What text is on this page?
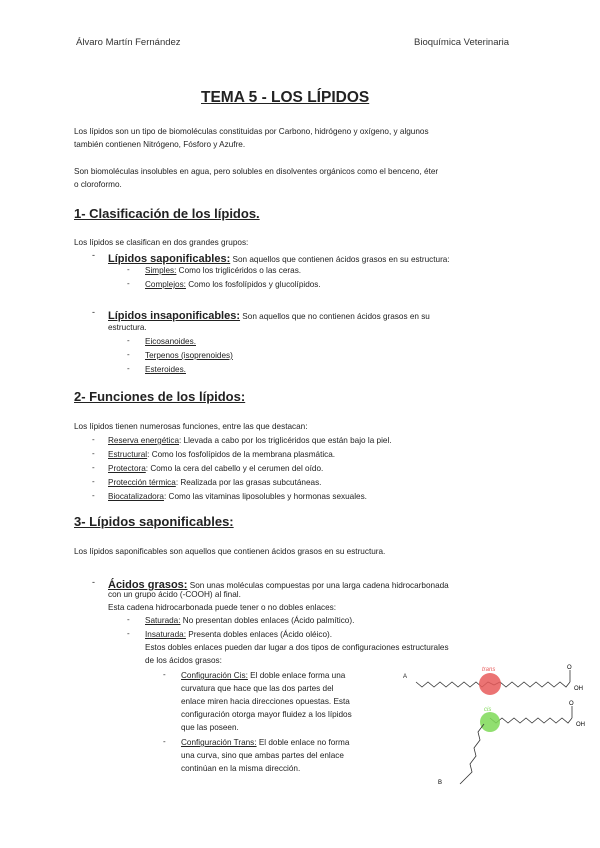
Álvaro Martín Fernández	Bioquímica Veterinaria
TEMA 5 - LOS LÍPIDOS
Los lípidos son un tipo de biomoléculas constituidas por Carbono, hidrógeno y oxígeno, y algunos
también contienen Nitrógeno, Fósforo y Azufre.
Son biomoléculas insolubles en agua, pero solubles en disolventes orgánicos como el benceno, éter
o cloroformo.
1- Clasificación de los lípidos.
Los lípidos se clasifican en dos grandes grupos:
- Lípidos saponificables: Son aquellos que contienen ácidos grasos en su estructura:
- Simples: Como los triglicéridos o las ceras.
- Complejos: Como los fosfolípidos y glucolípidos.
- Lípidos insaponificables: Son aquellos que no contienen ácidos grasos en su
estructura.
- Eicosanoides.
- Terpenos (isoprenoides)
- Esteroides.
2- Funciones de los lípidos:
Los lípidos tienen numerosas funciones, entre las que destacan:
- Reserva energética: Llevada a cabo por los triglicéridos que están bajo la piel.
- Estructural: Como los fosfolípidos de la membrana plasmática.
- Protectora: Como la cera del cabello y el cerumen del oído.
- Protección térmica: Realizada por las grasas subcutáneas.
- Biocatalizadora: Como las vitaminas liposolubles y hormonas sexuales.
3- Lípidos saponificables:
Los lípidos saponificables son aquellos que contienen ácidos grasos en su estructura.
- Ácidos grasos: Son unas moléculas compuestas por una larga cadena hidrocarbonada
con un grupo ácido (-COOH) al final.
Esta cadena hidrocarbonada puede tener o no dobles enlaces:
- Saturada: No presentan dobles enlaces (Ácido palmítico).
- Insaturada: Presenta dobles enlaces (Ácido oléico).
Estos dobles enlaces pueden dar lugar a dos tipos de configuraciones estructurales
de los ácidos grasos:
- Configuración Cis: El doble enlace forma una
curvatura que hace que las dos partes del
enlace miren hacia direcciones opuestas. Esta
configuración otorga mayor fluidez a los lípidos
que las poseen.
- Configuración Trans: El doble enlace no forma
una curva, sino que ambas partes del enlace
continúan en la misma dirección.
A
trans	O
OH
cis
O
OH
B
